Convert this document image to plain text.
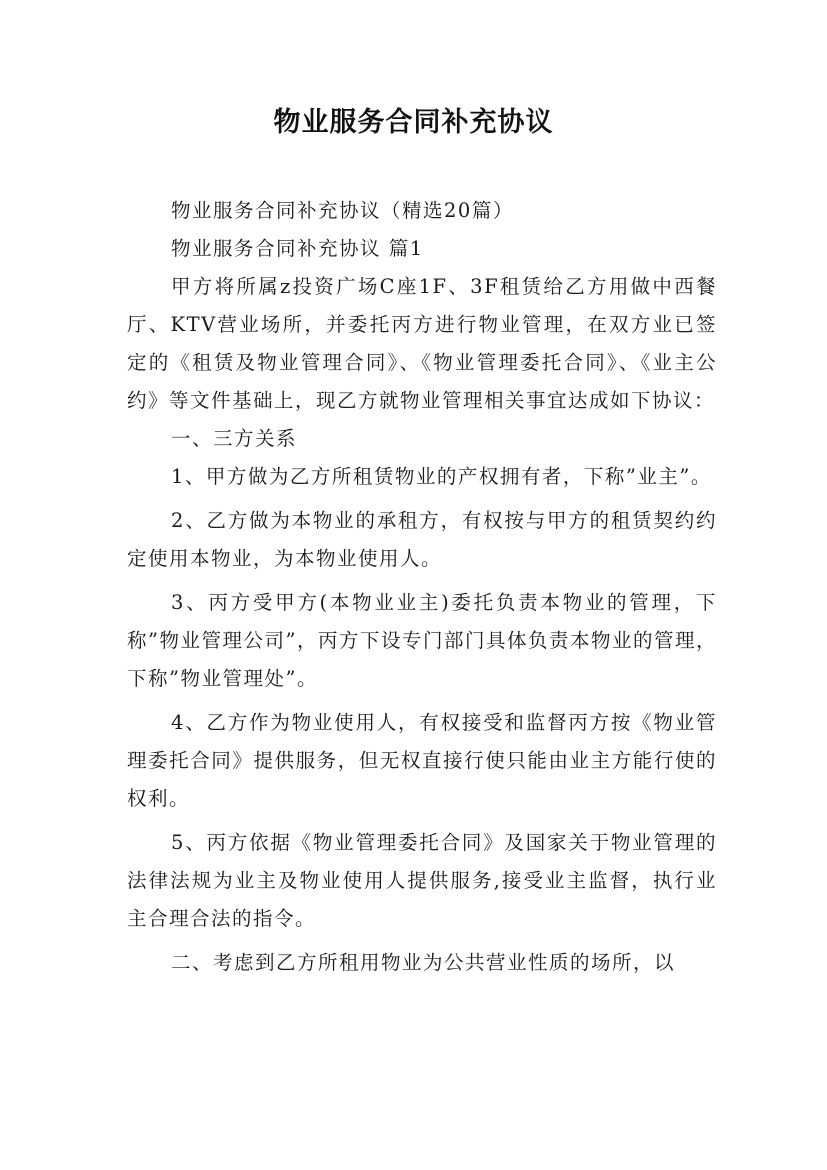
物业服务合同补充协议

物业服务合同补充协议（精选20篇）

物业服务合同补充协议 篇1

甲方将所属z投资广场C座1F、3F租赁给乙方用做中西餐厅、KTV营业场所，并委托丙方进行物业管理，在双方业已签定的《租赁及物业管理合同》、《物业管理委托合同》、《业主公约》等文件基础上，现乙方就物业管理相关事宜达成如下协议：

一、三方关系

1、甲方做为乙方所租赁物业的产权拥有者，下称”业主”。

2、乙方做为本物业的承租方，有权按与甲方的租赁契约约定使用本物业，为本物业使用人。

3、丙方受甲方(本物业业主)委托负责本物业的管理，下称”物业管理公司”，丙方下设专门部门具体负责本物业的管理，下称”物业管理处”。

4、乙方作为物业使用人，有权接受和监督丙方按《物业管理委托合同》提供服务，但无权直接行使只能由业主方能行使的权利。

5、丙方依据《物业管理委托合同》及国家关于物业管理的法律法规为业主及物业使用人提供服务,接受业主监督，执行业主合理合法的指令。

二、考虑到乙方所租用物业为公共营业性质的场所，以
